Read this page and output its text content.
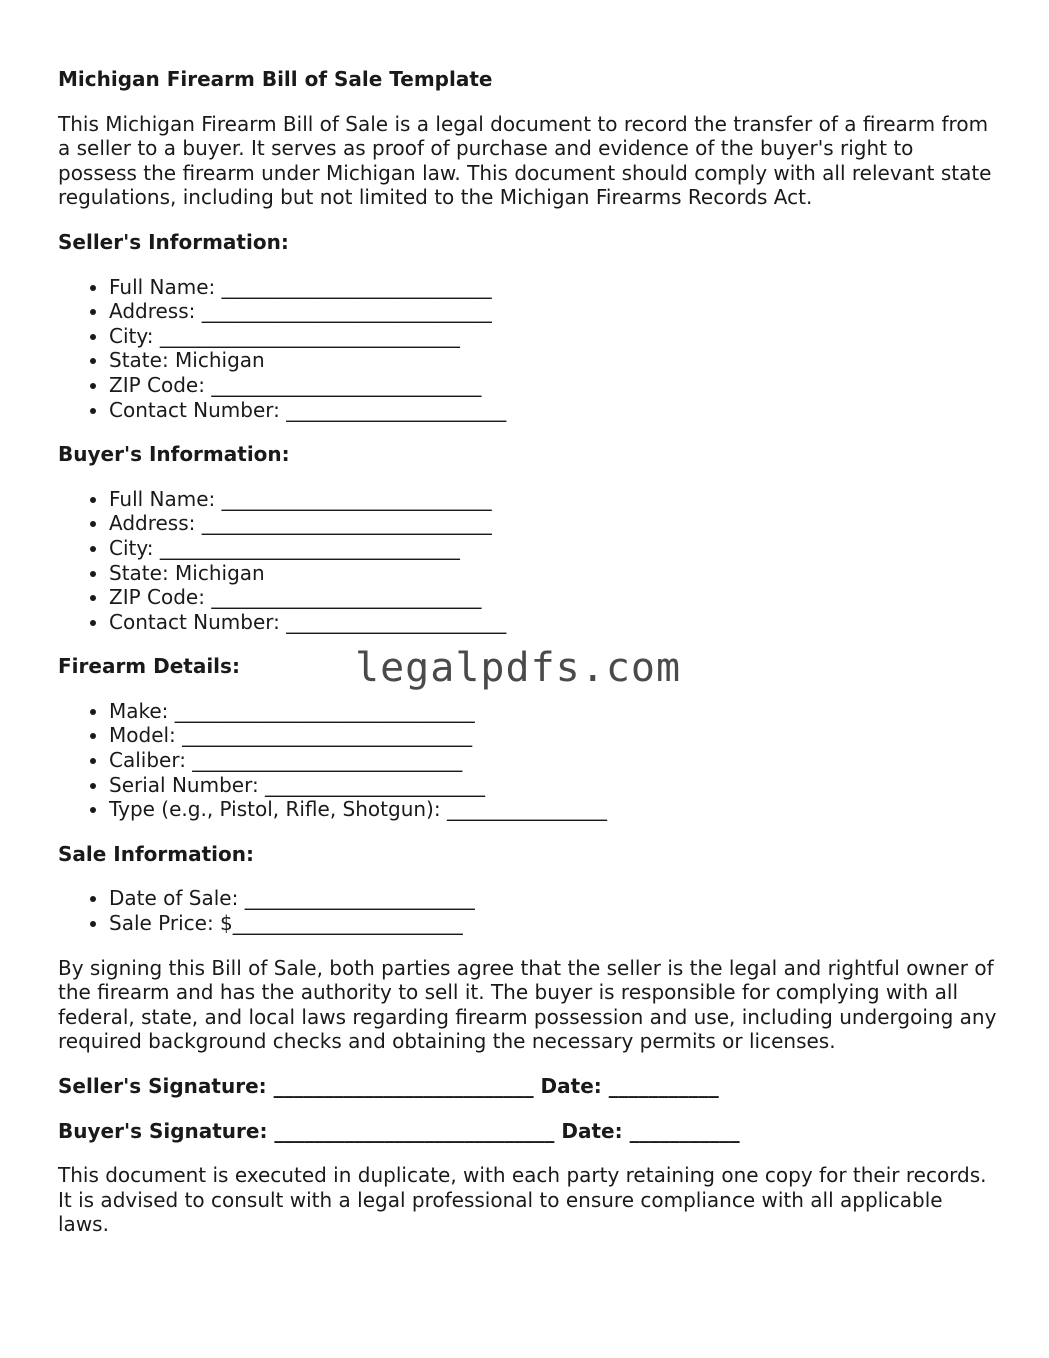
Michigan Firearm Bill of Sale Template

This Michigan Firearm Bill of Sale is a legal document to record the transfer of a firearm from a seller to a buyer. It serves as proof of purchase and evidence of the buyer's right to possess the firearm under Michigan law. This document should comply with all relevant state regulations, including but not limited to the Michigan Firearms Records Act.

Seller's Information:
• Full Name: ___________________________
• Address: _____________________________
• City: ______________________________
• State: Michigan
• ZIP Code: ___________________________
• Contact Number: ______________________
Buyer's Information:
• Full Name: ___________________________
• Address: _____________________________
• City: ______________________________
• State: Michigan
• ZIP Code: ___________________________
• Contact Number: ______________________
Firearm Details:
• Make: ______________________________
• Model: _____________________________
• Caliber: ___________________________
• Serial Number: ______________________
• Type (e.g., Pistol, Rifle, Shotgun): ________________
Sale Information:
• Date of Sale: _______________________
• Sale Price: $_______________________

By signing this Bill of Sale, both parties agree that the seller is the legal and rightful owner of the firearm and has the authority to sell it. The buyer is responsible for complying with all federal, state, and local laws regarding firearm possession and use, including undergoing any required background checks and obtaining the necessary permits or licenses.

Seller's Signature: __________________________ Date: ___________
Buyer's Signature: ____________________________ Date: ___________

This document is executed in duplicate, with each party retaining one copy for their records. It is advised to consult with a legal professional to ensure compliance with all applicable laws.

legalpdfs.com
